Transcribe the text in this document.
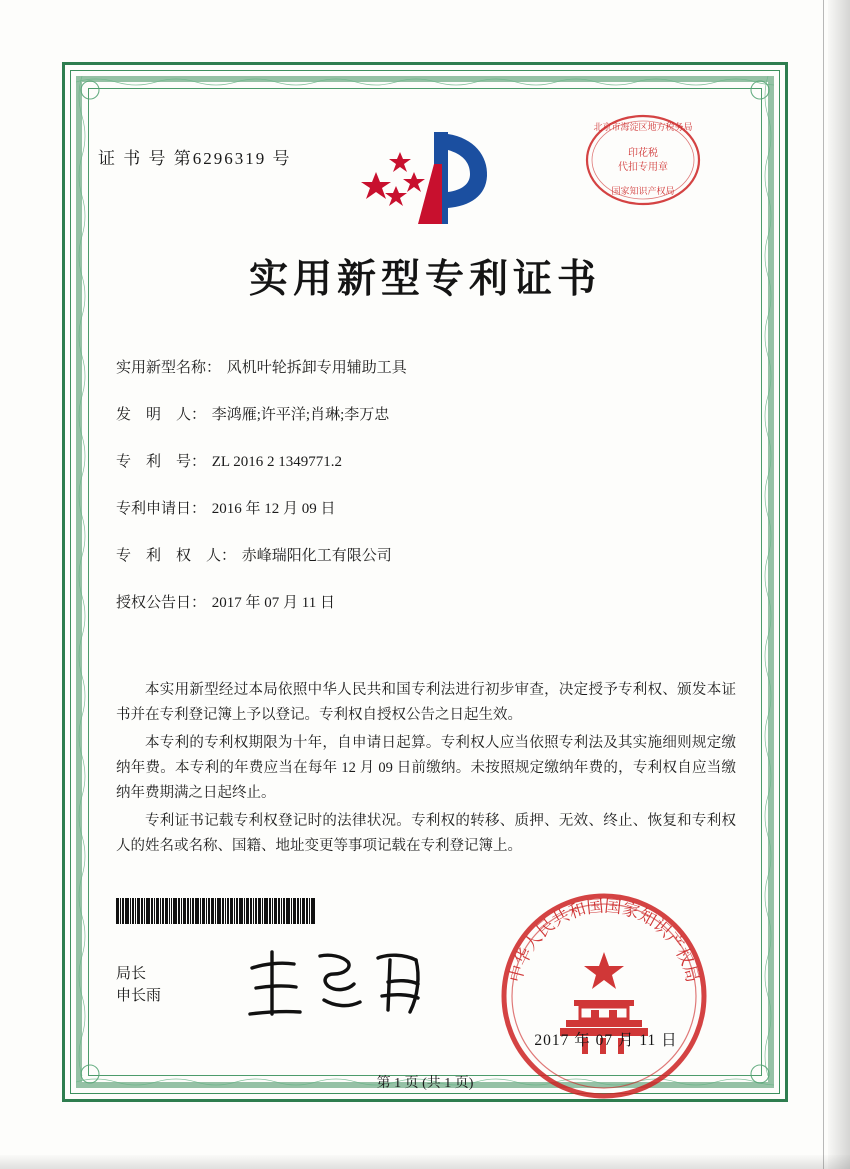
证 书 号 第6296319 号
北京市海淀区地方税务局
印花税
代扣专用章
国家知识产权局
实用新型专利证书
实用新型名称： 风机叶轮拆卸专用辅助工具
发　明　人： 李鸿雁;许平洋;肖琳;李万忠
专　利　号： ZL 2016 2 1349771.2
专利申请日： 2016 年 12 月 09 日
专　利　权　人： 赤峰瑞阳化工有限公司
授权公告日： 2017 年 07 月 11 日

本实用新型经过本局依照中华人民共和国专利法进行初步审查，决定授予专利权、颁发本证书并在专利登记簿上予以登记。专利权自授权公告之日起生效。

本专利的专利权期限为十年，自申请日起算。专利权人应当依照专利法及其实施细则规定缴纳年费。本专利的年费应当在每年 12 月 09 日前缴纳。未按照规定缴纳年费的，专利权自应当缴纳年费期满之日起终止。

专利证书记载专利权登记时的法律状况。专利权的转移、质押、无效、终止、恢复和专利权人的姓名或名称、国籍、地址变更等事项记载在专利登记簿上。

局长
申长雨
中华人民共和国国家知识产权局
2017 年 07 月 11 日
第 1 页 (共 1 页)
